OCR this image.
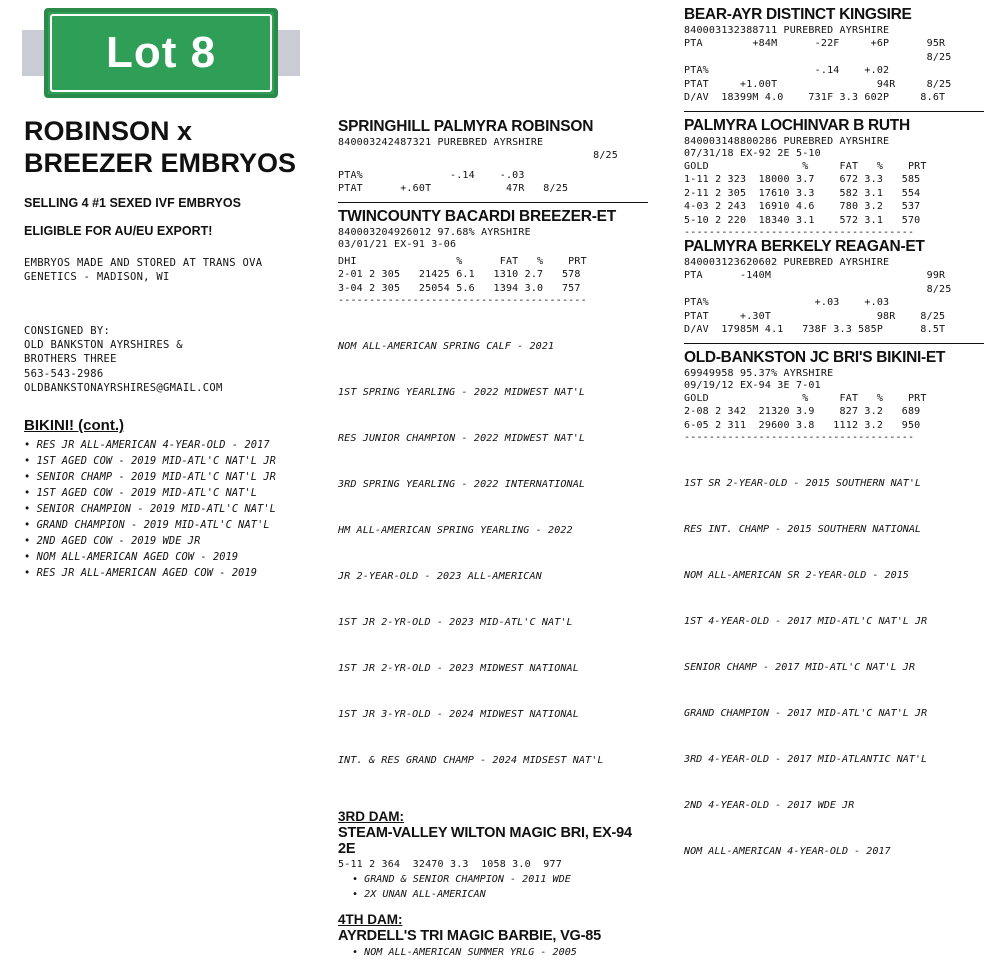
Lot 8
ROBINSON x
BREEZER EMBRYOS
SELLING 4 #1 SEXED IVF EMBRYOS
ELIGIBLE FOR AU/EU EXPORT!
EMBRYOS MADE AND STORED AT TRANS OVA
GENETICS - MADISON, WI
CONSIGNED BY:
OLD BANKSTON AYRSHIRES &
BROTHERS THREE
563-543-2986
OLDBANKSTONAYRSHIRES@GMAIL.COM
BIKINI! (cont.)
• RES JR ALL-AMERICAN 4-YEAR-OLD - 2017
• 1ST AGED COW - 2019 MID-ATL'C NAT'L JR
• SENIOR CHAMP - 2019 MID-ATL'C NAT'L JR
• 1ST AGED COW - 2019 MID-ATL'C NAT'L
• SENIOR CHAMPION - 2019 MID-ATL'C NAT'L
• GRAND CHAMPION - 2019 MID-ATL'C NAT'L
• 2ND AGED COW - 2019 WDE JR
• NOM ALL-AMERICAN AGED COW - 2019
• RES JR ALL-AMERICAN AGED COW - 2019
SPRINGHILL PALMYRA ROBINSON
840003242487321 PUREBRED AYRSHIRE
8/25
PTA%              -.14    -.03
PTAT      +.60T            47R   8/25
TWINCOUNTY BACARDI BREEZER-ET
840003204926012 97.68% AYRSHIRE
03/01/21 EX-91 3-06
DHI                %      FAT   %    PRT
2-01 2 305   21425 6.1   1310 2.7   578
3-04 2 305   25054 5.6   1394 3.0   757
----------------------------------------

NOM ALL-AMERICAN SPRING CALF - 2021

1ST SPRING YEARLING - 2022 MIDWEST NAT'L

RES JUNIOR CHAMPION - 2022 MIDWEST NAT'L

3RD SPRING YEARLING - 2022 INTERNATIONAL

HM ALL-AMERICAN SPRING YEARLING - 2022

JR 2-YEAR-OLD - 2023 ALL-AMERICAN

1ST JR 2-YR-OLD - 2023 MID-ATL'C NAT'L

1ST JR 2-YR-OLD - 2023 MIDWEST NATIONAL

1ST JR 3-YR-OLD - 2024 MIDWEST NATIONAL

INT. & RES GRAND CHAMP - 2024 MIDSEST NAT'L

3RD DAM:
STEAM-VALLEY WILTON MAGIC BRI, EX-94 2E
5-11 2 364  32470 3.3  1058 3.0  977
• GRAND & SENIOR CHAMPION - 2011 WDE
• 2X UNAN ALL-AMERICAN
4TH DAM:
AYRDELL'S TRI MAGIC BARBIE, VG-85
• NOM ALL-AMERICAN SUMMER YRLG - 2005
BEAR-AYR DISTINCT KINGSIRE
840003132388711 PUREBRED AYRSHIRE
PTA        +84M      -22F     +6P      95R
8/25
PTA%                 -.14    +.02
PTAT     +1.00T                94R     8/25
D/AV  18399M 4.0    731F 3.3 602P     8.6T
PALMYRA LOCHINVAR B RUTH
840003148800286 PUREBRED AYRSHIRE
07/31/18 EX-92 2E 5-10
GOLD               %     FAT   %    PRT
1-11 2 323  18000 3.7    672 3.3   585
2-11 2 305  17610 3.3    582 3.1   554
4-03 2 243  16910 4.6    780 3.2   537
5-10 2 220  18340 3.1    572 3.1   570
-------------------------------------
PALMYRA BERKELY REAGAN-ET
840003123620602 PUREBRED AYRSHIRE
PTA      -140M                         99R
8/25
PTA%                 +.03    +.03
PTAT     +.30T                 98R    8/25
D/AV  17985M 4.1   738F 3.3 585P      8.5T
OLD-BANKSTON JC BRI'S BIKINI-ET
69949958 95.37% AYRSHIRE
09/19/12 EX-94 3E 7-01
GOLD               %     FAT   %    PRT
2-08 2 342  21320 3.9    827 3.2   689
6-05 2 311  29600 3.8   1112 3.2   950
-------------------------------------

1ST SR 2-YEAR-OLD - 2015 SOUTHERN NAT'L

RES INT. CHAMP - 2015 SOUTHERN NATIONAL

NOM ALL-AMERICAN SR 2-YEAR-OLD - 2015

1ST 4-YEAR-OLD - 2017 MID-ATL'C NAT'L JR

SENIOR CHAMP - 2017 MID-ATL'C NAT'L JR

GRAND CHAMPION - 2017 MID-ATL'C NAT'L JR

3RD 4-YEAR-OLD - 2017 MID-ATLANTIC NAT'L

2ND 4-YEAR-OLD - 2017 WDE JR

NOM ALL-AMERICAN 4-YEAR-OLD - 2017
